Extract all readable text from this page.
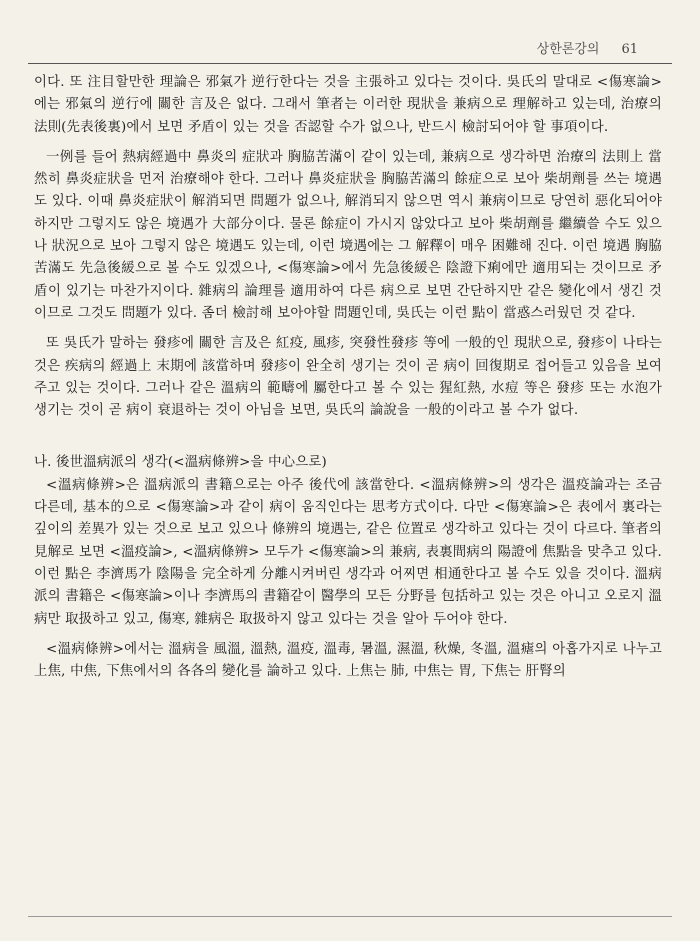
상한론강의 61

이다. 또 注目할만한 理論은 邪氣가 逆行한다는 것을 主張하고 있다는 것이다. 吳氏의 말대로 <傷寒論>에는 邪氣의 逆行에 關한 言及은 없다. 그래서 筆者는 이러한 現狀을 兼病으로 理解하고 있는데, 治療의 法則(先表後裏)에서 보면 矛盾이 있는 것을 否認할 수가 없으나, 반드시 檢討되어야 할 事項이다.

一例를 들어 熱病經過中 鼻炎의 症狀과 胸脇苦滿이 같이 있는데, 兼病으로 생각하면 治療의 法則上 當然히 鼻炎症狀을 먼저 治療해야 한다. 그러나 鼻炎症狀을 胸脇苦滿의 餘症으로 보아 柴胡劑를 쓰는 境遇도 있다. 이때 鼻炎症狀이 解消되면 問題가 없으나, 解消되지 않으면 역시 兼病이므로 당연히 惡化되어야 하지만 그렇지도 않은 境遇가 大部分이다. 물론 餘症이 가시지 않았다고 보아 柴胡劑를 繼續쓸 수도 있으나 狀況으로 보아 그렇지 않은 境遇도 있는데, 이런 境遇에는 그 解釋이 매우 困難해 진다. 이런 境遇 胸脇苦滿도 先急後緩으로 볼 수도 있겠으나, <傷寒論>에서 先急後緩은 陰證下痢에만 適用되는 것이므로 矛盾이 있기는 마찬가지이다. 雜病의 論理를 適用하여 다른 病으로 보면 간단하지만 같은 變化에서 생긴 것이므로 그것도 問題가 있다. 좀더 檢討해 보아야할 問題인데, 吳氏는 이런 點이 當惑스러웠던 것 같다.

또 吳氏가 말하는 發疹에 關한 言及은 紅疫, 風疹, 突發性發疹 等에 一般的인 現狀으로, 發疹이 나타는 것은 疾病의 經過上 末期에 該當하며 發疹이 완全히 생기는 것이 곧 病이 回復期로 접어들고 있음을 보여주고 있는 것이다. 그러나 같은 溫病의 範疇에 屬한다고 볼 수 있는 猩紅熱, 水痘 等은 發疹 또는 水泡가 생기는 것이 곧 病이 衰退하는 것이 아님을 보면, 吳氏의 論說을 一般的이라고 볼 수가 없다.

나. 後世溫病派의 생각(<溫病條辨>을 中心으로)

<溫病條辨>은 溫病派의 書籍으로는 아주 後代에 該當한다. <溫病條辨>의 생각은 溫疫論과는 조금 다른데, 基本的으로 <傷寒論>과 같이 病이 움직인다는 思考方式이다. 다만 <傷寒論>은 表에서 裏라는 깊이의 差異가 있는 것으로 보고 있으나 條辨의 境遇는, 같은 位置로 생각하고 있다는 것이 다르다. 筆者의 見解로 보면 <溫疫論>, <溫病條辨> 모두가 <傷寒論>의 兼病, 表裏間病의 陽證에 焦點을 맞추고 있다. 이런 點은 李濟馬가 陰陽을 完全하게 分離시켜버린 생각과 어찌면 相通한다고 볼 수도 있을 것이다. 溫病派의 書籍은 <傷寒論>이나 李濟馬의 書籍같이 醫學의 모든 分野를 包括하고 있는 것은 아니고 오로지 溫病만 取扱하고 있고, 傷寒, 雜病은 取扱하지 않고 있다는 것을 알아 두어야 한다.

<溫病條辨>에서는 溫病을 風溫, 溫熱, 溫疫, 溫毒, 暑溫, 濕溫, 秋燥, 冬溫, 溫瘧의 아홉가지로 나누고 上焦, 中焦, 下焦에서의 各各의 變化를 論하고 있다. 上焦는 肺, 中焦는 胃, 下焦는 肝腎의
